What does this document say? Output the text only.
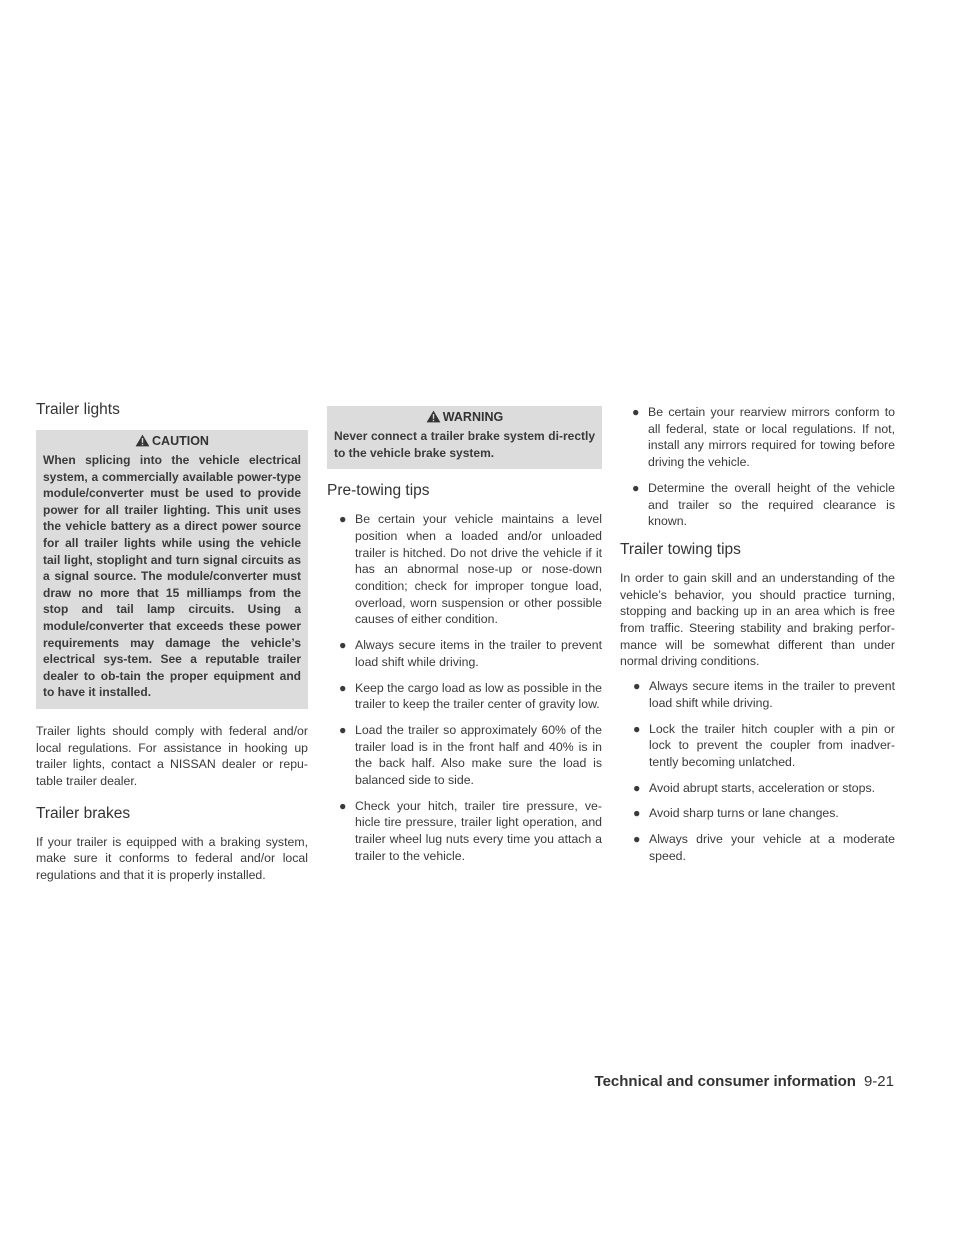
Trailer lights
CAUTION
When splicing into the vehicle electrical system, a commercially available power-type module/converter must be used to provide power for all trailer lighting. This unit uses the vehicle battery as a direct power source for all trailer lights while using the vehicle tail light, stoplight and turn signal circuits as a signal source. The module/converter must draw no more that 15 milliamps from the stop and tail lamp circuits. Using a module/converter that exceeds these power requirements may damage the vehicle’s electrical sys-tem. See a reputable trailer dealer to ob-tain the proper equipment and to have it installed.

Trailer lights should comply with federal and/or local regulations. For assistance in hooking up trailer lights, contact a NISSAN dealer or repu-table trailer dealer.

Trailer brakes

If your trailer is equipped with a braking system, make sure it conforms to federal and/or local regulations and that it is properly installed.

WARNING
Never connect a trailer brake system di-rectly to the vehicle brake system.
Pre-towing tips
● Be certain your vehicle maintains a level position when a loaded and/or unloaded trailer is hitched. Do not drive the vehicle if it has an abnormal nose-up or nose-down condition; check for improper tongue load, overload, worn suspension or other possible causes of either condition.
● Always secure items in the trailer to prevent load shift while driving.
● Keep the cargo load as low as possible in the trailer to keep the trailer center of gravity low.
● Load the trailer so approximately 60% of the trailer load is in the front half and 40% is in the back half. Also make sure the load is balanced side to side.
● Check your hitch, trailer tire pressure, ve-hicle tire pressure, trailer light operation, and trailer wheel lug nuts every time you attach a trailer to the vehicle.
● Be certain your rearview mirrors conform to all federal, state or local regulations. If not, install any mirrors required for towing before driving the vehicle.
● Determine the overall height of the vehicle and trailer so the required clearance is known.
Trailer towing tips

In order to gain skill and an understanding of the vehicle’s behavior, you should practice turning, stopping and backing up in an area which is free from traffic. Steering stability and braking perfor-mance will be somewhat different than under normal driving conditions.

● Always secure items in the trailer to prevent load shift while driving.
● Lock the trailer hitch coupler with a pin or lock to prevent the coupler from inadver-tently becoming unlatched.
● Avoid abrupt starts, acceleration or stops.
● Avoid sharp turns or lane changes.
● Always drive your vehicle at a moderate speed.
Technical and consumer information 9-21
